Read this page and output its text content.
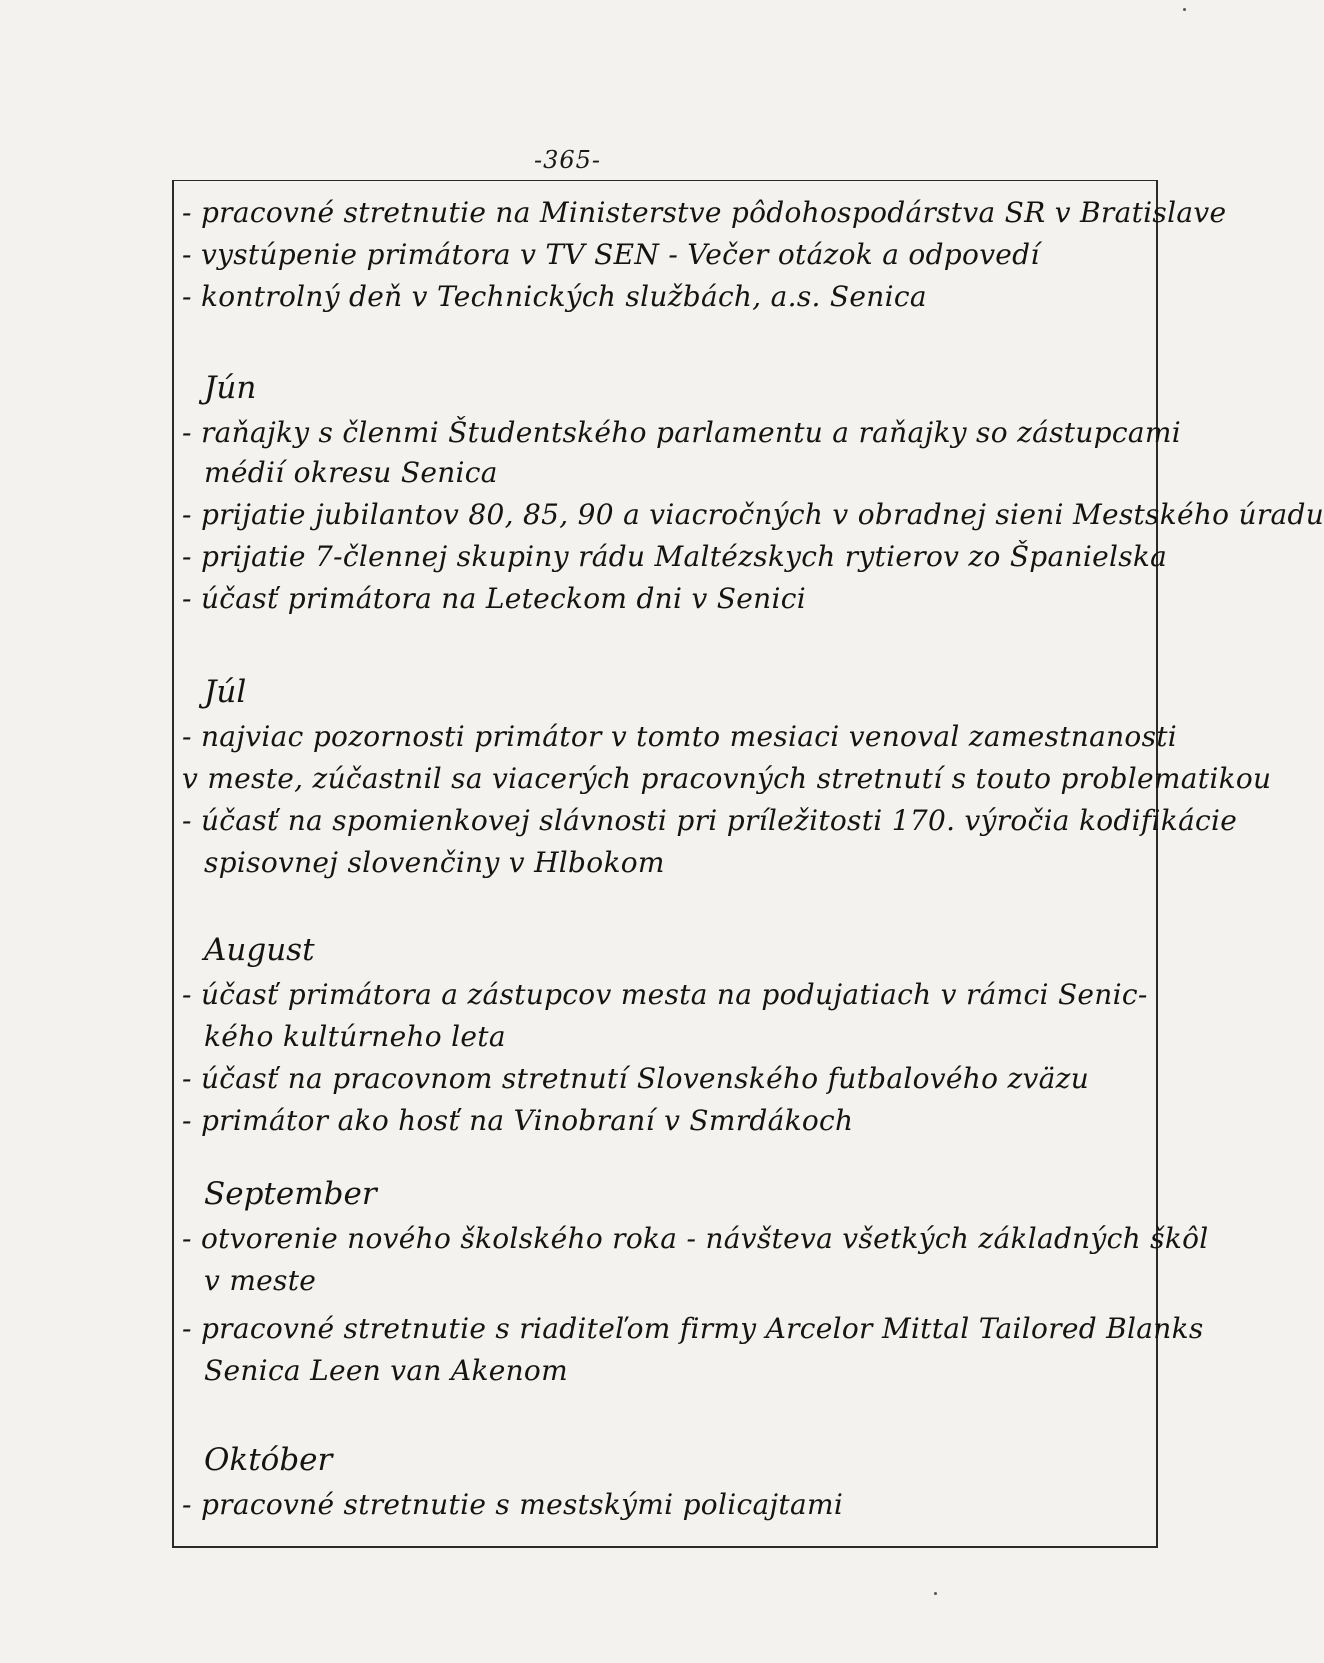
-365-
- pracovné stretnutie na Ministerstve pôdohospodárstva SR v Bratislave
- vystúpenie primátora v TV SEN - Večer otázok a odpovedí
- kontrolný deň v Technických službách, a.s. Senica
Jún
- raňajky s členmi Študentského parlamentu a raňajky so zástupcami
médií okresu Senica
- prijatie jubilantov 80, 85, 90 a viacročných v obradnej sieni Mestského úradu
- prijatie 7-člennej skupiny rádu Maltézskych rytierov zo Španielska
- účasť primátora na Leteckom dni v Senici
Júl
- najviac pozornosti primátor v tomto mesiaci venoval zamestnanosti
v meste, zúčastnil sa viacerých pracovných stretnutí s touto problematikou
- účasť na spomienkovej slávnosti pri príležitosti 170. výročia kodifikácie
spisovnej slovenčiny v Hlbokom
August
- účasť primátora a zástupcov mesta na podujatiach v rámci Senic-
kého kultúrneho leta
- účasť na pracovnom stretnutí Slovenského futbalového zväzu
- primátor ako hosť na Vinobraní v Smrdákoch
September
- otvorenie nového školského roka - návšteva všetkých základných škôl
v meste
- pracovné stretnutie s riaditeľom firmy Arcelor Mittal Tailored Blanks
Senica Leen van Akenom
Október
- pracovné stretnutie s mestskými policajtami
